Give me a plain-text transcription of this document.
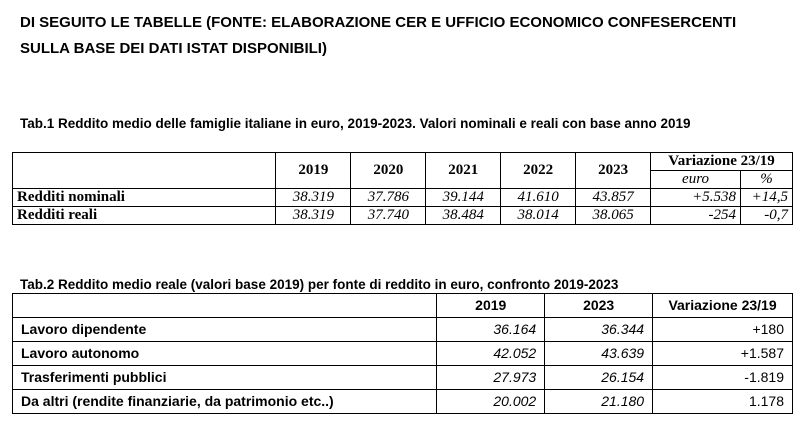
DI SEGUITO LE TABELLE (FONTE: ELABORAZIONE CER E UFFICIO ECONOMICO CONFESERCENTI
SULLA BASE DEI DATI ISTAT DISPONIBILI)
Tab.1 Reddito medio delle famiglie italiane in euro, 2019-2023. Valori nominali e reali con base anno 2019
	2019	2020	2021	2022	2023	Variazione 23/19	
						euro	%
Redditi nominali	38.319	37.786	39.144	41.610	43.857	+5.538	+14,5
Redditi reali	38.319	37.740	38.484	38.014	38.065	-254	-0,7
Tab.2 Reddito medio reale (valori base 2019) per fonte di reddito in euro, confronto 2019-2023
	2019	2023	Variazione 23/19
Lavoro dipendente	36.164	36.344	+180
Lavoro autonomo	42.052	43.639	+1.587
Trasferimenti pubblici	27.973	26.154	-1.819
Da altri (rendite finanziarie, da patrimonio etc..)	20.002	21.180	1.178
